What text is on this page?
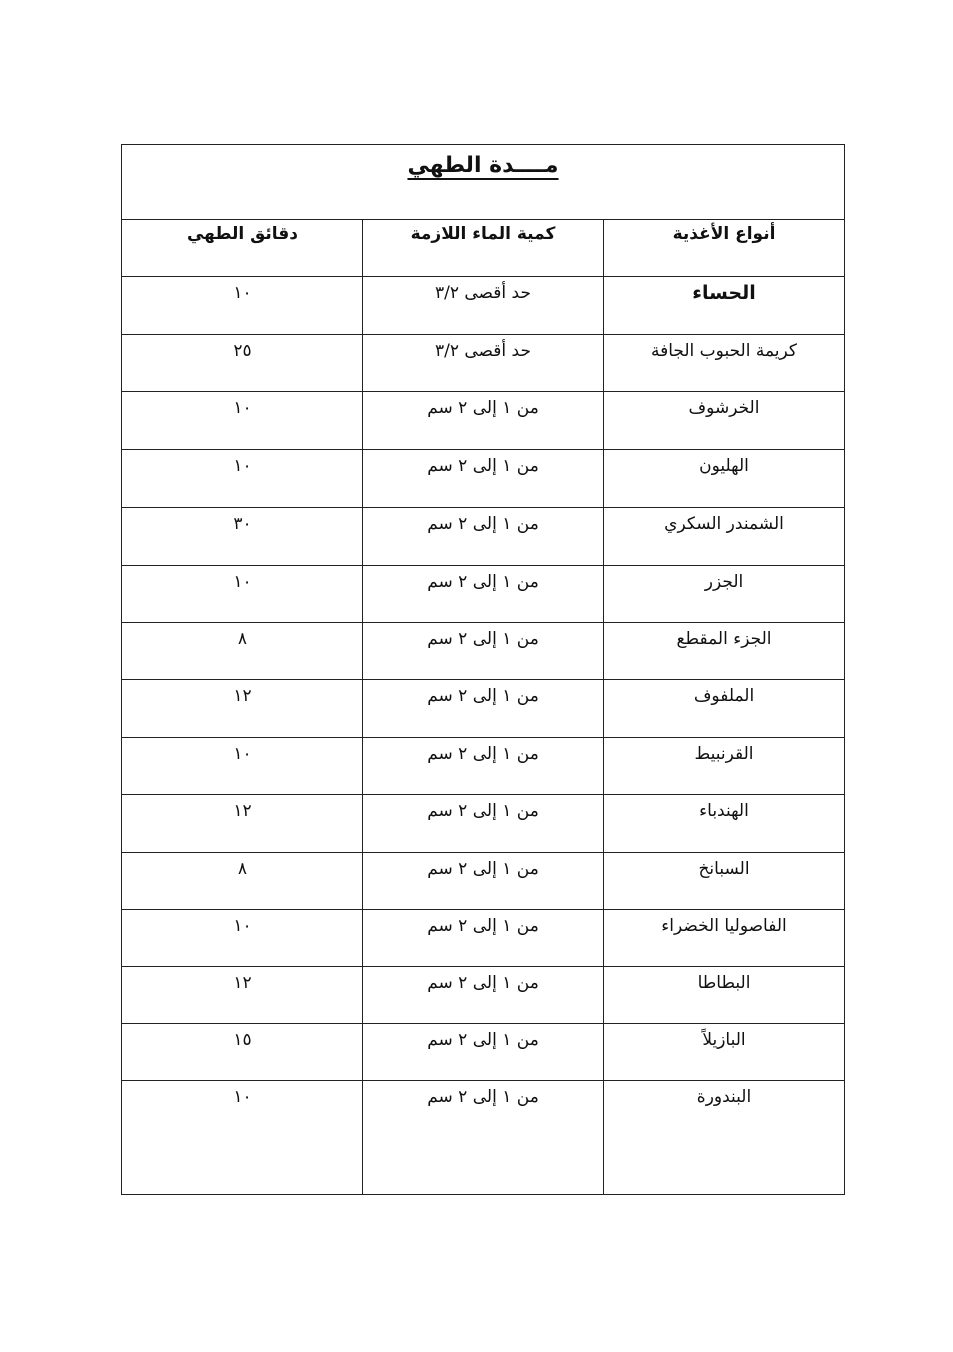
مــــدة الطهي
أنواع الأغذية
كمية الماء اللازمة
دقائق الطهي
الحساء
حد أقصى ٣/٢
١٠
كريمة الحبوب الجافة
حد أقصى ٣/٢
٢٥
الخرشوف
من ١ إلى ٢ سم
١٠
الهليون
من ١ إلى ٢ سم
١٠
الشمندر السكري
من ١ إلى ٢ سم
٣٠
الجزر
من ١ إلى ٢ سم
١٠
الجزء المقطع
من ١ إلى ٢ سم
٨
الملفوف
من ١ إلى ٢ سم
١٢
القرنبيط
من ١ إلى ٢ سم
١٠
الهندباء
من ١ إلى ٢ سم
١٢
السبانخ
من ١ إلى ٢ سم
٨
الفاصوليا الخضراء
من ١ إلى ٢ سم
١٠
البطاطا
من ١ إلى ٢ سم
١٢
البازيلاً
من ١ إلى ٢ سم
١٥
البندورة
من ١ إلى ٢ سم
١٠
